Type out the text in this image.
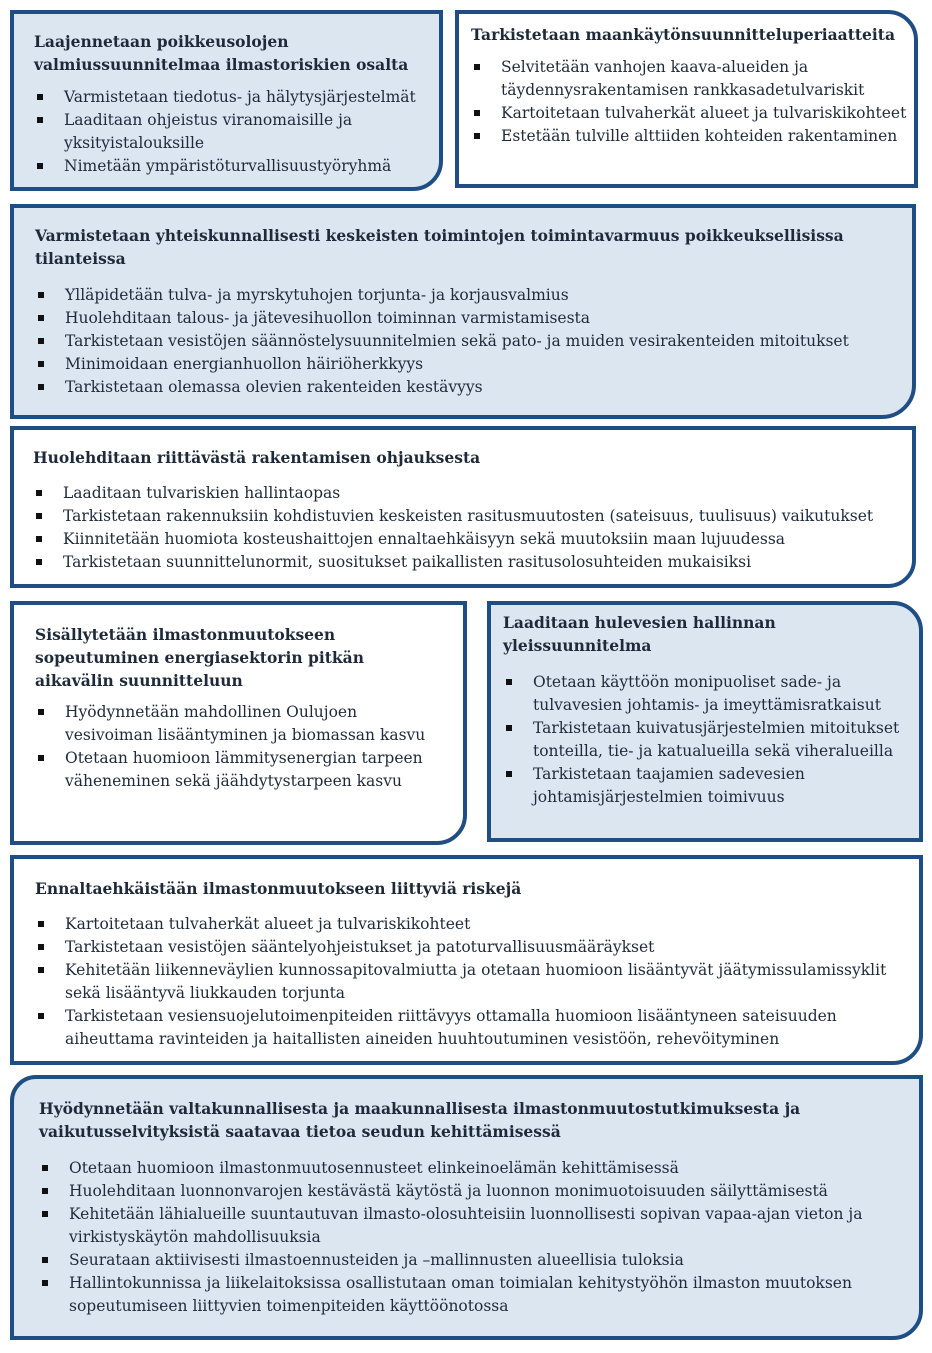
Laajennetaan poikkeusolojen valmiussuunnitelmaa ilmastoriskien osalta
Varmistetaan tiedotus- ja hälytysjärjestelmät
Laaditaan ohjeistus viranomaisille ja yksityistalouksille
Nimetään ympäristöturvallisuustyöryhmä
Tarkistetaan maankäytönsuunnitteluperiaatteita
Selvitetään vanhojen kaava-alueiden ja täydennysrakentamisen rankkasadetulvariskit
Kartoitetaan tulvaherkät alueet ja tulvariskikohteet
Estetään tulville alttiiden kohteiden rakentaminen
Varmistetaan yhteiskunnallisesti keskeisten toimintojen toimintavarmuus poikkeuksellisissa tilanteissa
Ylläpidetään tulva- ja myrskytuhojen torjunta- ja korjausvalmius
Huolehditaan talous- ja jätevesihuollon toiminnan varmistamisesta
Tarkistetaan vesistöjen säännöstelysuunnitelmien sekä pato- ja muiden vesirakenteiden mitoitukset
Minimoidaan energianhuollon häiriöherkkyys
Tarkistetaan olemassa olevien rakenteiden kestävyys
Huolehditaan riittävästä rakentamisen ohjauksesta
Laaditaan tulvariskien hallintaopas
Tarkistetaan rakennuksiin kohdistuvien keskeisten rasitusmuutosten (sateisuus, tuulisuus) vaikutukset
Kiinnitetään huomiota kosteushaittojen ennaltaehkäisyyn sekä muutoksiin maan lujuudessa
Tarkistetaan suunnittelunormit, suositukset paikallisten rasitusolosuhteiden mukaisiksi
Sisällytetään ilmastonmuutokseen sopeutuminen energiasektorin pitkän aikavälin suunnitteluun
Hyödynnetään mahdollinen Oulujoen vesivoiman lisääntyminen ja biomassan kasvu
Otetaan huomioon lämmitysenergian tarpeen väheneminen sekä jäähdytystarpeen kasvu
Laaditaan hulevesien hallinnan yleissuunnitelma
Otetaan käyttöön monipuoliset sade- ja tulvavesien johtamis- ja imeyttämisratkaisut
Tarkistetaan kuivatusjärjestelmien mitoitukset tonteilla, tie- ja katualueilla sekä viheralueilla
Tarkistetaan taajamien sadevesien johtamisjärjestelmien toimivuus
Ennaltaehkäistään ilmastonmuutokseen liittyviä riskejä
Kartoitetaan tulvaherkät alueet ja tulvariskikohteet
Tarkistetaan vesistöjen sääntelyohjeistukset ja patoturvallisuusmääräykset
Kehitetään liikenneväylien kunnossapitovalmiutta ja otetaan huomioon lisääntyvät jäätymissulamissyklit sekä lisääntyvä liukkauden torjunta
Tarkistetaan vesiensuojelutoimenpiteiden riittävyys ottamalla huomioon lisääntyneen sateisuuden aiheuttama ravinteiden ja haitallisten aineiden huuhtoutuminen vesistöön, rehevöityminen
Hyödynnetään valtakunnallisesta ja maakunnallisesta ilmastonmuutostutkimuksesta ja vaikutusselvityksistä saatavaa tietoa seudun kehittämisessä
Otetaan huomioon ilmastonmuutosennusteet elinkeinoelämän kehittämisessä
Huolehditaan luonnonvarojen kestävästä käytöstä ja luonnon monimuotoisuuden säilyttämisestä
Kehitetään lähialueille suuntautuvan ilmasto-olosuhteisiin luonnollisesti sopivan vapaa-ajan vieton ja virkistyskäytön mahdollisuuksia
Seurataan aktiivisesti ilmastoennusteiden ja –mallinnusten alueellisia tuloksia
Hallintokunnissa ja liikelaitoksissa osallistutaan oman toimialan kehitystyöhön ilmaston muutoksen sopeutumiseen liittyvien toimenpiteiden käyttöönotossa
